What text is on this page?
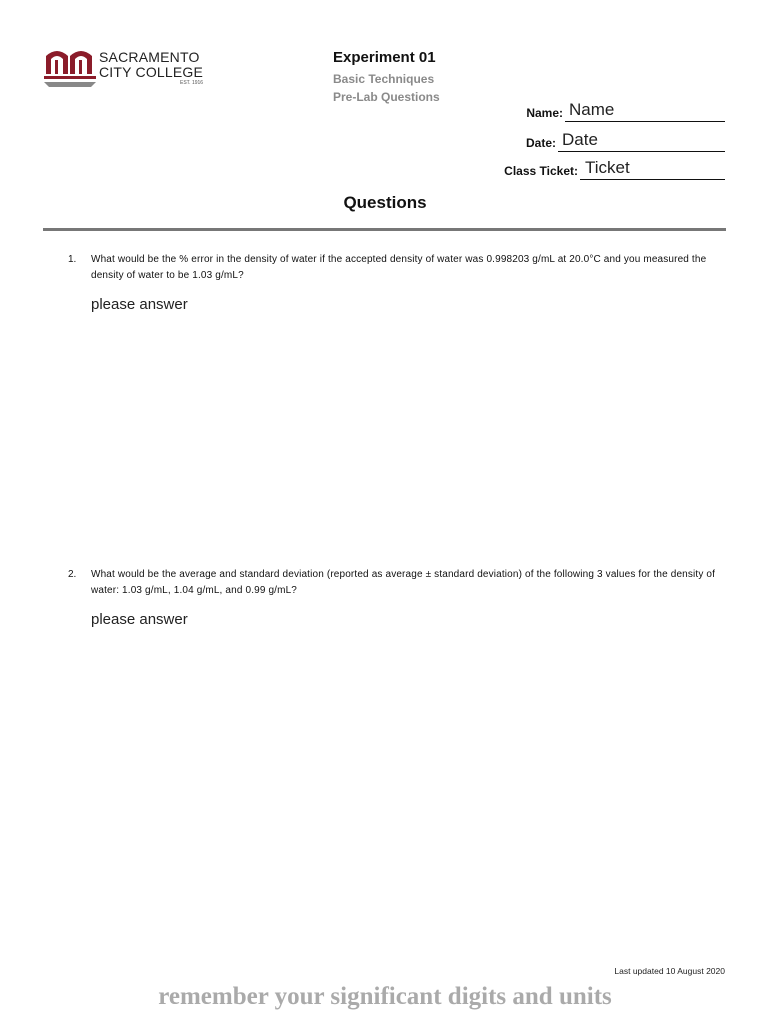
SACRAMENTO
CITY COLLEGE
EST. 1916
Experiment 01
Basic Techniques
Pre-Lab Questions
Name: Name
Date: Date
Class Ticket: Ticket
Questions
1. What would be the % error in the density of water if the accepted density of water was 0.998203 g/mL at 20.0°C and you measured the density of water to be 1.03 g/mL?
please answer
2. What would be the average and standard deviation (reported as average ± standard deviation) of the following 3 values for the density of water: 1.03 g/mL, 1.04 g/mL, and 0.99 g/mL?
please answer
Last updated 10 August 2020
remember your significant digits and units
